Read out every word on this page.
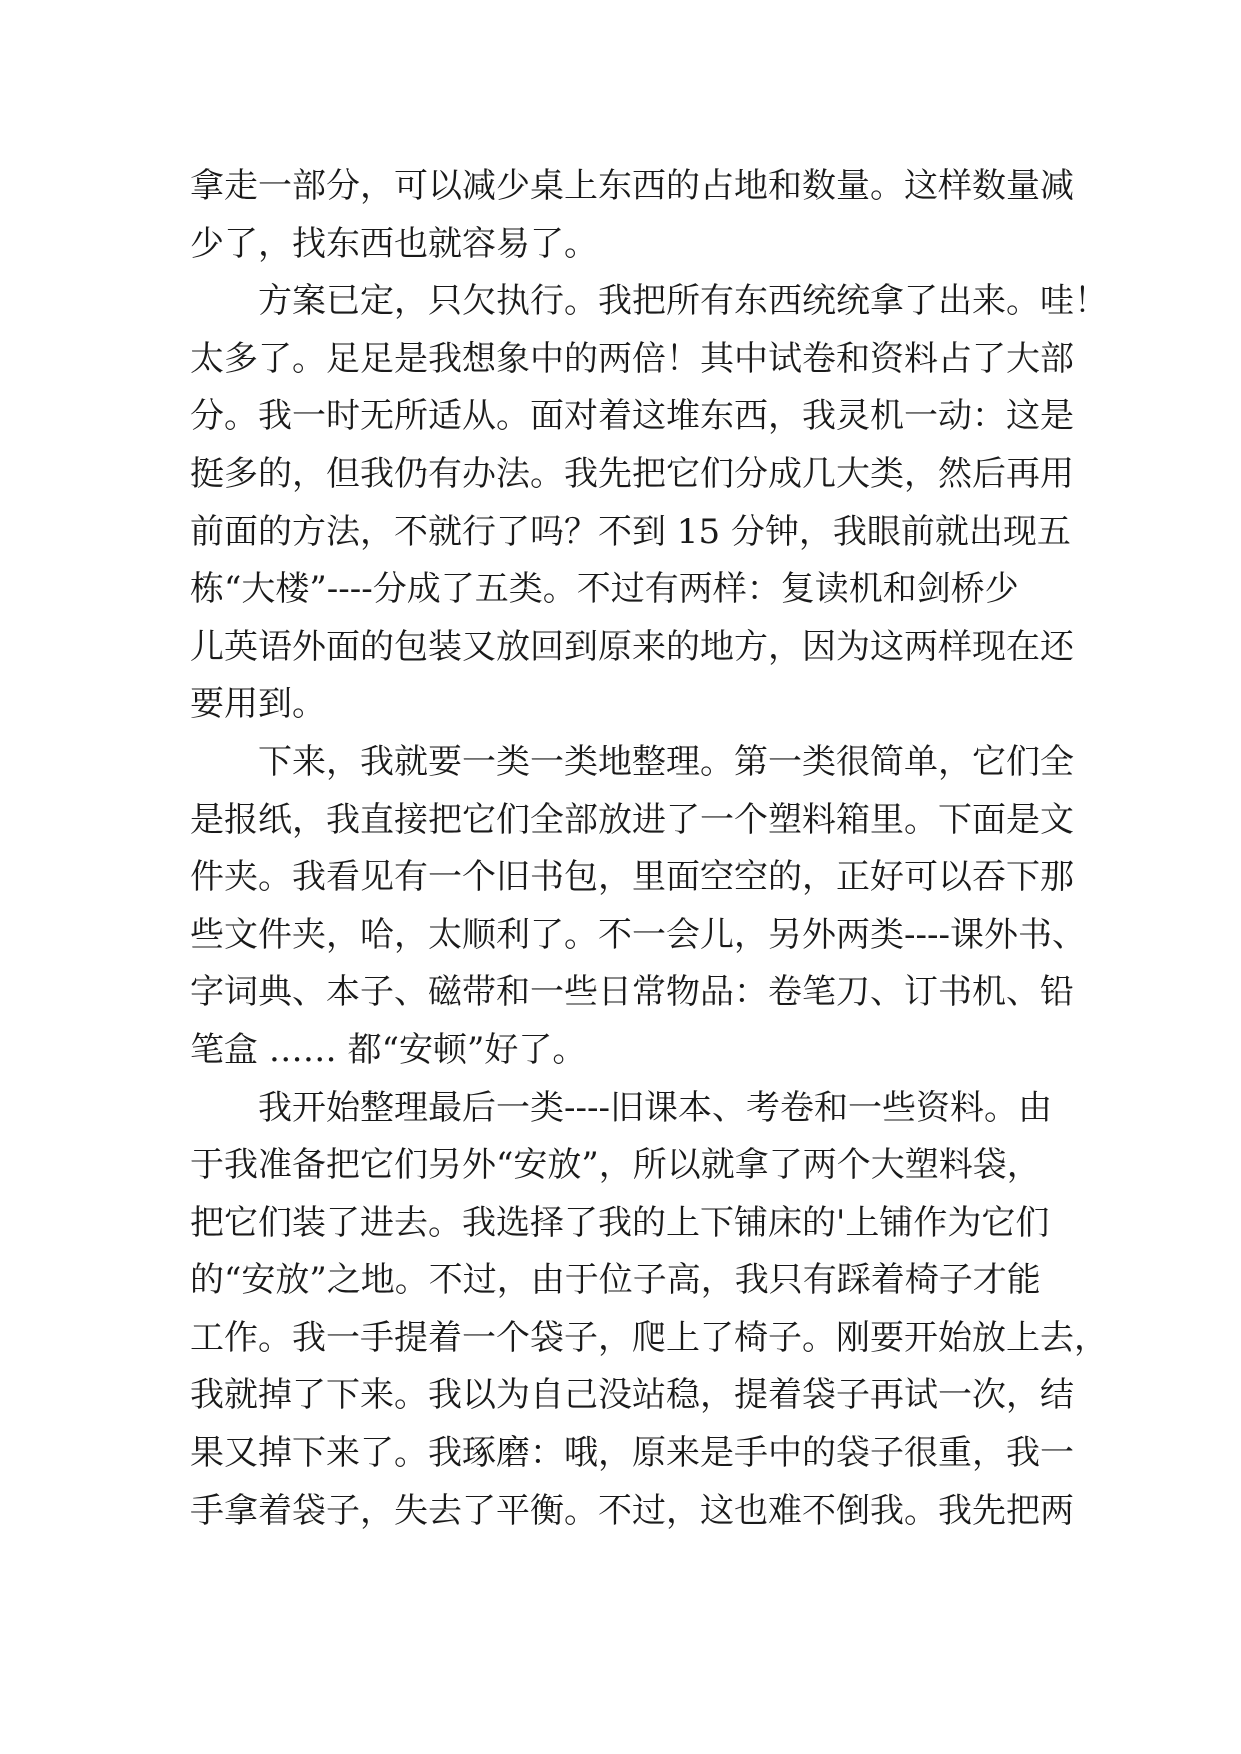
拿走一部分，可以减少桌上东西的占地和数量。这样数量减
少了，找东西也就容易了。
　　方案已定，只欠执行。我把所有东西统统拿了出来。哇！
太多了。足足是我想象中的两倍！其中试卷和资料占了大部
分。我一时无所适从。面对着这堆东西，我灵机一动：这是
挺多的，但我仍有办法。我先把它们分成几大类，然后再用
前面的方法，不就行了吗？不到 15 分钟，我眼前就出现五
栋“大楼”----分成了五类。不过有两样：复读机和剑桥少
儿英语外面的包装又放回到原来的地方，因为这两样现在还
要用到。
　　下来，我就要一类一类地整理。第一类很简单，它们全
是报纸，我直接把它们全部放进了一个塑料箱里。下面是文
件夹。我看见有一个旧书包，里面空空的，正好可以吞下那
些文件夹，哈，太顺利了。不一会儿，另外两类----课外书、
字词典、本子、磁带和一些日常物品：卷笔刀、订书机、铅
笔盒 …… 都“安顿”好了。
　　我开始整理最后一类----旧课本、考卷和一些资料。由
于我准备把它们另外“安放”，所以就拿了两个大塑料袋，
把它们装了进去。我选择了我的上下铺床的'上铺作为它们
的“安放”之地。不过，由于位子高，我只有踩着椅子才能
工作。我一手提着一个袋子，爬上了椅子。刚要开始放上去，
我就掉了下来。我以为自己没站稳，提着袋子再试一次，结
果又掉下来了。我琢磨：哦，原来是手中的袋子很重，我一
手拿着袋子，失去了平衡。不过，这也难不倒我。我先把两
